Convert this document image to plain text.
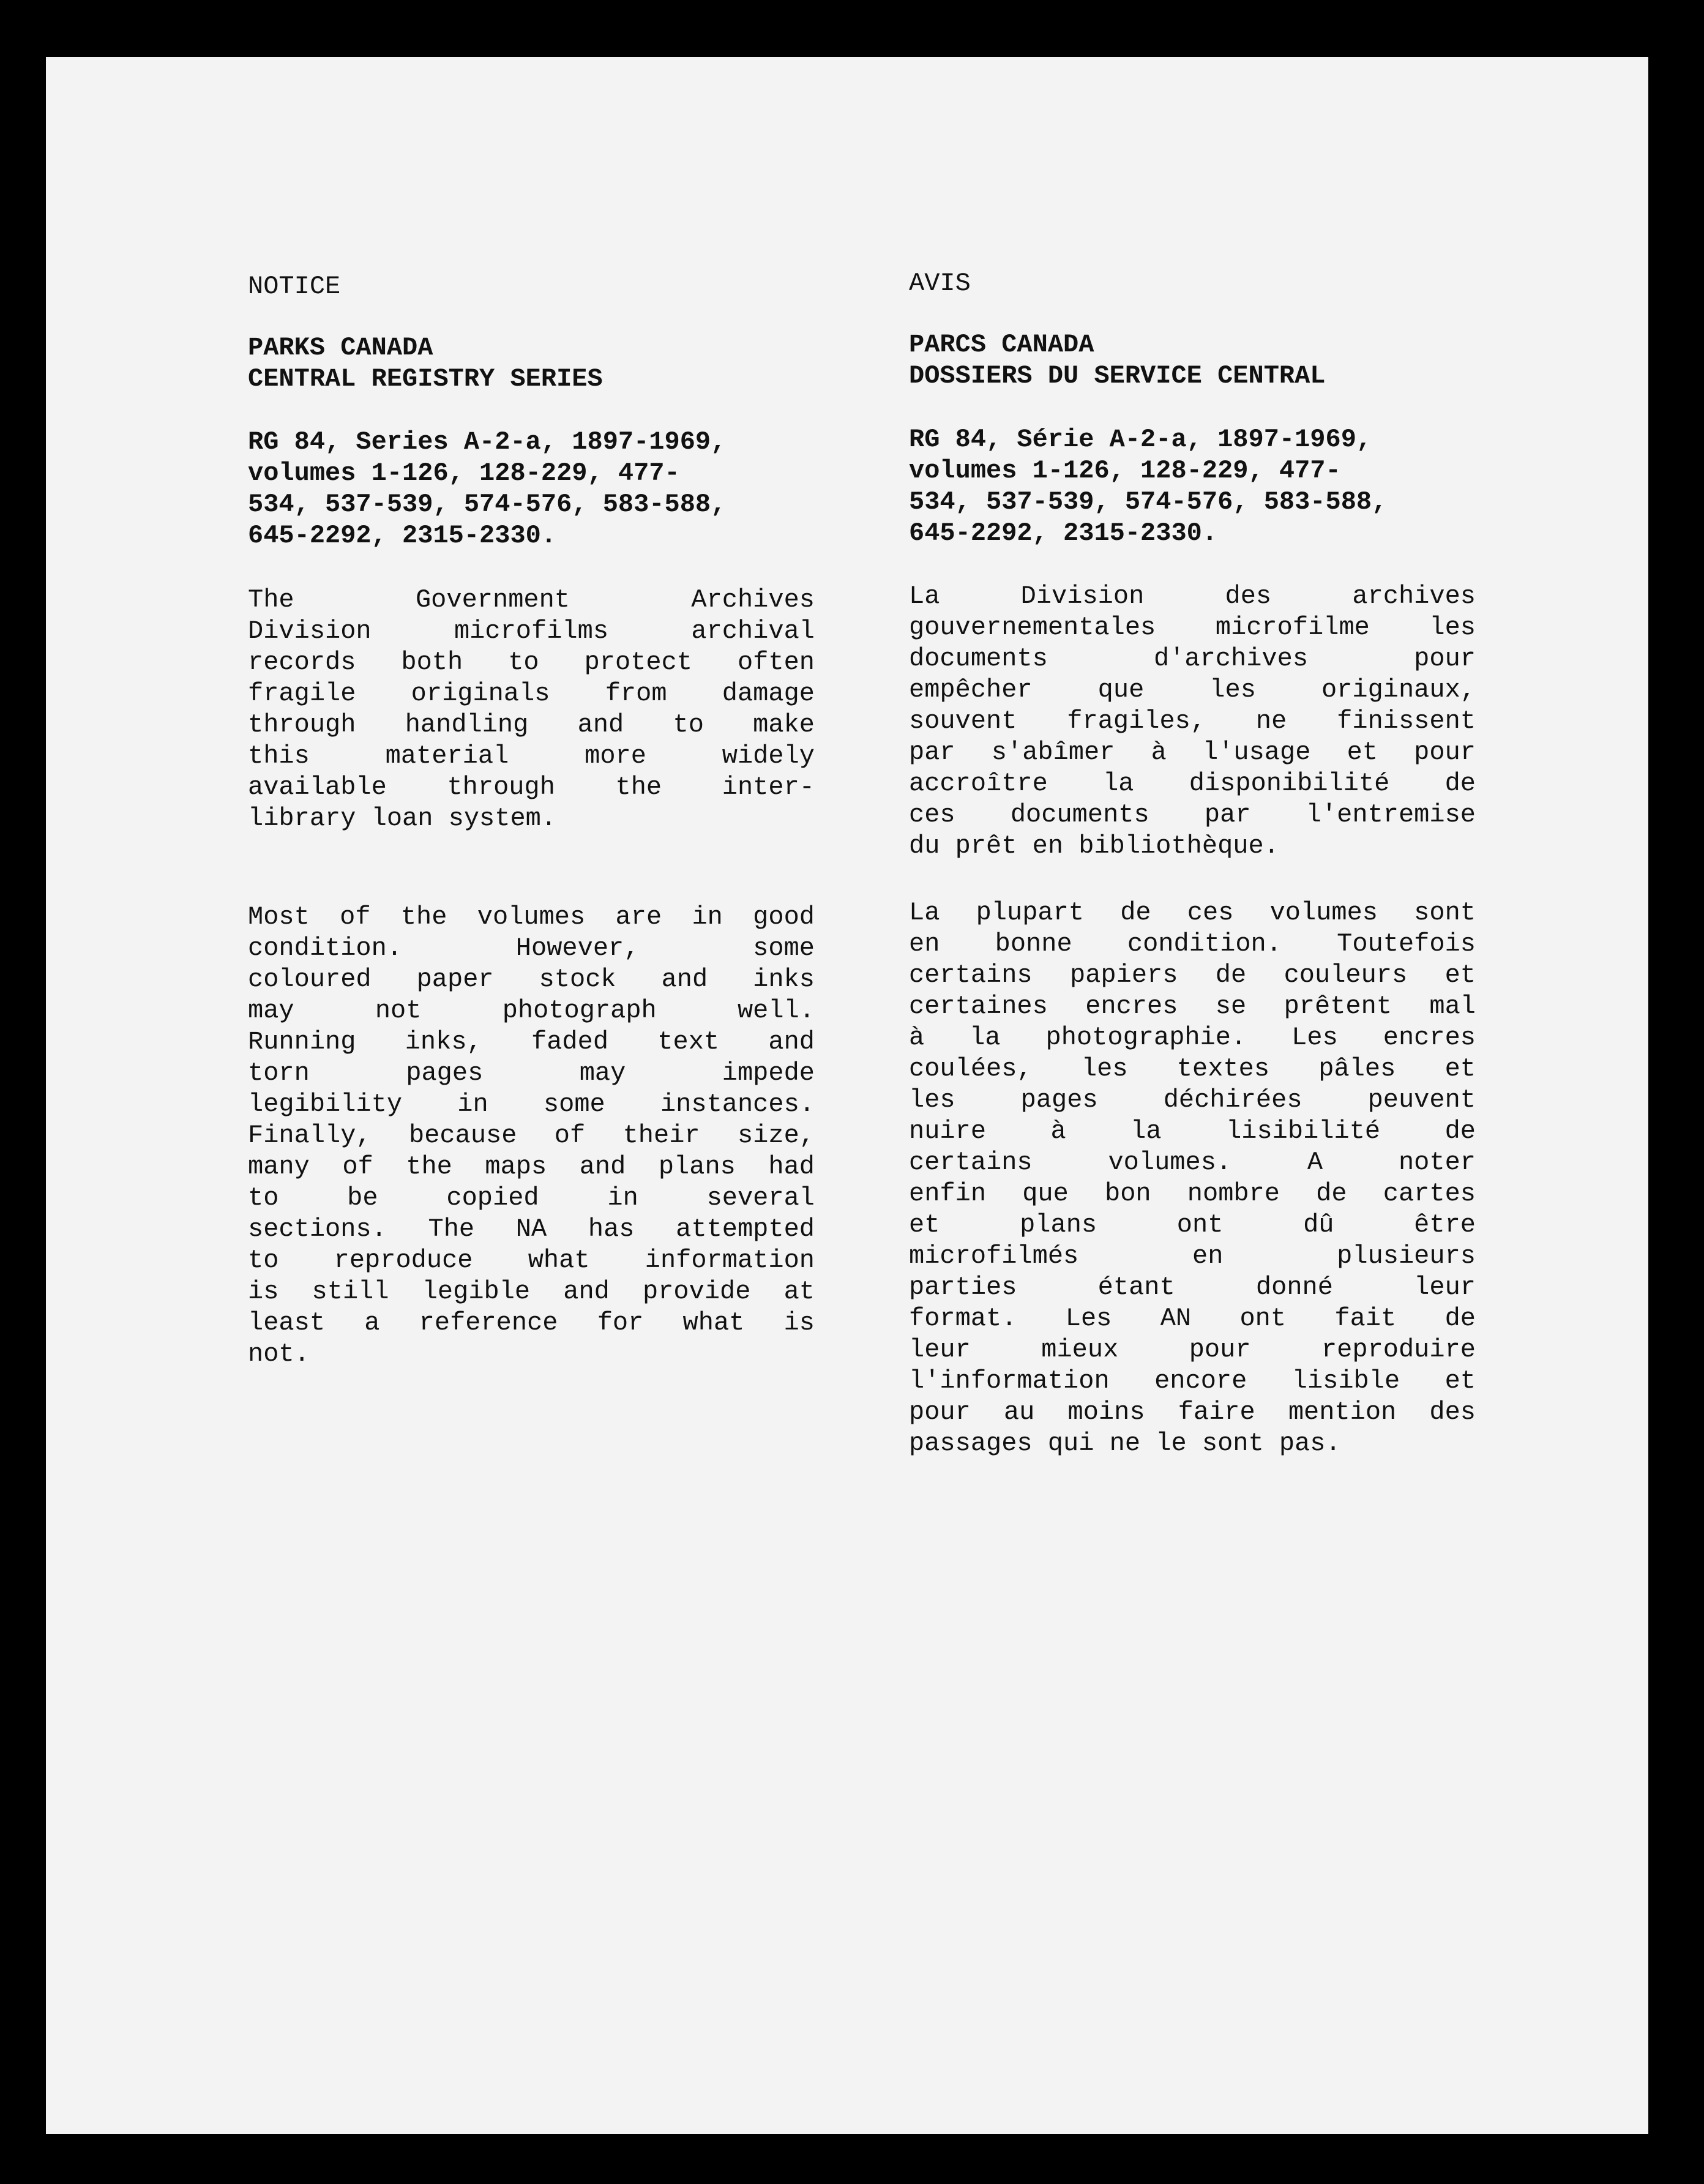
NOTICE
PARKS CANADA
CENTRAL REGISTRY SERIES
RG 84, Series A-2-a, 1897-1969,
volumes 1-126, 128-229, 477-
534, 537-539, 574-576, 583-588,
645-2292, 2315-2330.
The Government Archives
Division microfilms archival
records both to protect often
fragile originals from damage
through handling and to make
this material more widely
available through the inter-
library loan system.
Most of the volumes are in good
condition. However, some
coloured paper stock and inks
may not photograph well.
Running inks, faded text and
torn pages may impede
legibility in some instances.
Finally, because of their size,
many of the maps and plans had
to be copied in several
sections. The NA has attempted
to reproduce what information
is still legible and provide at
least a reference for what is
not.
AVIS
PARCS CANADA
DOSSIERS DU SERVICE CENTRAL
RG 84, Série A-2-a, 1897-1969,
volumes 1-126, 128-229, 477-
534, 537-539, 574-576, 583-588,
645-2292, 2315-2330.
La Division des archives
gouvernementales microfilme les
documents d'archives pour
empêcher que les originaux,
souvent fragiles, ne finissent
par s'abîmer à l'usage et pour
accroître la disponibilité de
ces documents par l'entremise
du prêt en bibliothèque.
La plupart de ces volumes sont
en bonne condition. Toutefois
certains papiers de couleurs et
certaines encres se prêtent mal
à la photographie. Les encres
coulées, les textes pâles et
les pages déchirées peuvent
nuire à la lisibilité de
certains volumes. A noter
enfin que bon nombre de cartes
et plans ont dû être
microfilmés en plusieurs
parties étant donné leur
format. Les AN ont fait de
leur mieux pour reproduire
l'information encore lisible et
pour au moins faire mention des
passages qui ne le sont pas.
